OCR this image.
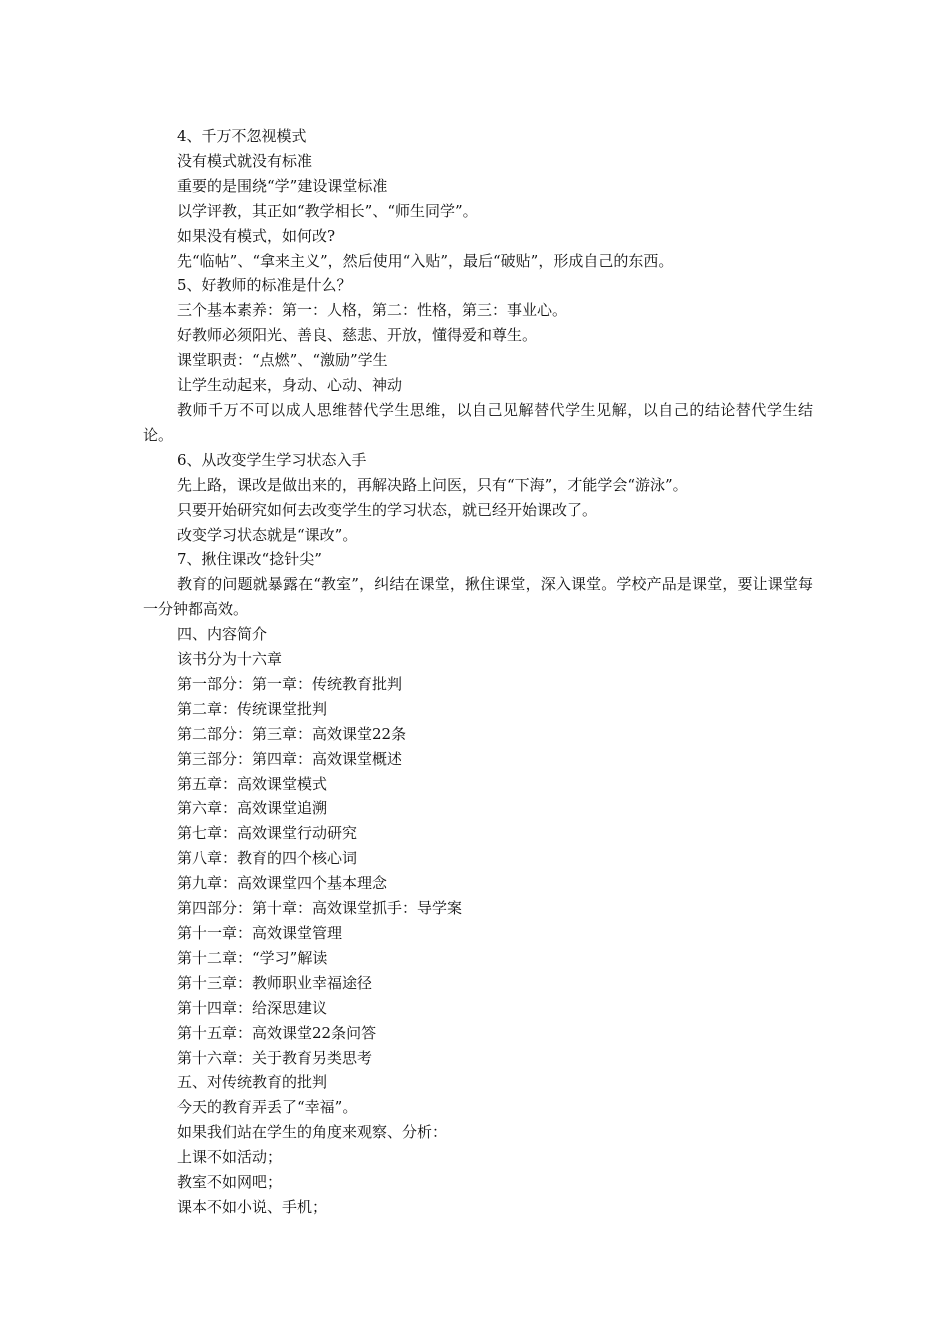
4、千万不忽视模式

没有模式就没有标准

重要的是围绕“学”建设课堂标准

以学评教，其正如“教学相长”、“师生同学”。

如果没有模式，如何改?

先“临帖”、“拿来主义”，然后使用“入贴”，最后“破贴”，形成自己的东西。

5、好教师的标准是什么？

三个基本素养：第一：人格，第二：性格，第三：事业心。

好教师必须阳光、善良、慈悲、开放，懂得爱和尊生。

课堂职责：“点燃”、“激励”学生

让学生动起来，身动、心动、神动

教师千万不可以成人思维替代学生思维，以自己见解替代学生见解，以自己的结论替代学生结论。

6、从改变学生学习状态入手

先上路，课改是做出来的，再解决路上问医，只有“下海”，才能学会“游泳”。

只要开始研究如何去改变学生的学习状态，就已经开始课改了。

改变学习状态就是“课改”。

7、揪住课改“捻针尖”

教育的问题就暴露在“教室”，纠结在课堂，揪住课堂，深入课堂。学校产品是课堂，要让课堂每一分钟都高效。

四、内容简介

该书分为十六章

第一部分：第一章：传统教育批判

第二章：传统课堂批判

第二部分：第三章：高效课堂22条

第三部分：第四章：高效课堂概述

第五章：高效课堂模式

第六章：高效课堂追溯

第七章：高效课堂行动研究

第八章：教育的四个核心词

第九章：高效课堂四个基本理念

第四部分：第十章：高效课堂抓手：导学案

第十一章：高效课堂管理

第十二章：“学习”解读

第十三章：教师职业幸福途径

第十四章：给深思建议

第十五章：高效课堂22条问答

第十六章：关于教育另类思考

五、对传统教育的批判

今天的教育弄丢了“幸福”。

如果我们站在学生的角度来观察、分析：

上课不如活动；

教室不如网吧；

课本不如小说、手机；
